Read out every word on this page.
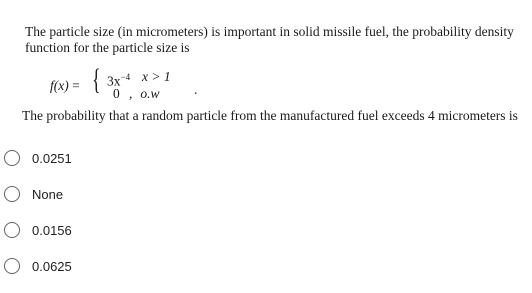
The particle size (in micrometers) is important in solid missile fuel, the probability density function for the particle size is

f(x) = { $3x^{-4}$ x > 1
0 , o.w	.

The probability that a random particle from the manufactured fuel exceeds 4 micrometers is

0.0251
None
0.0156
0.0625
